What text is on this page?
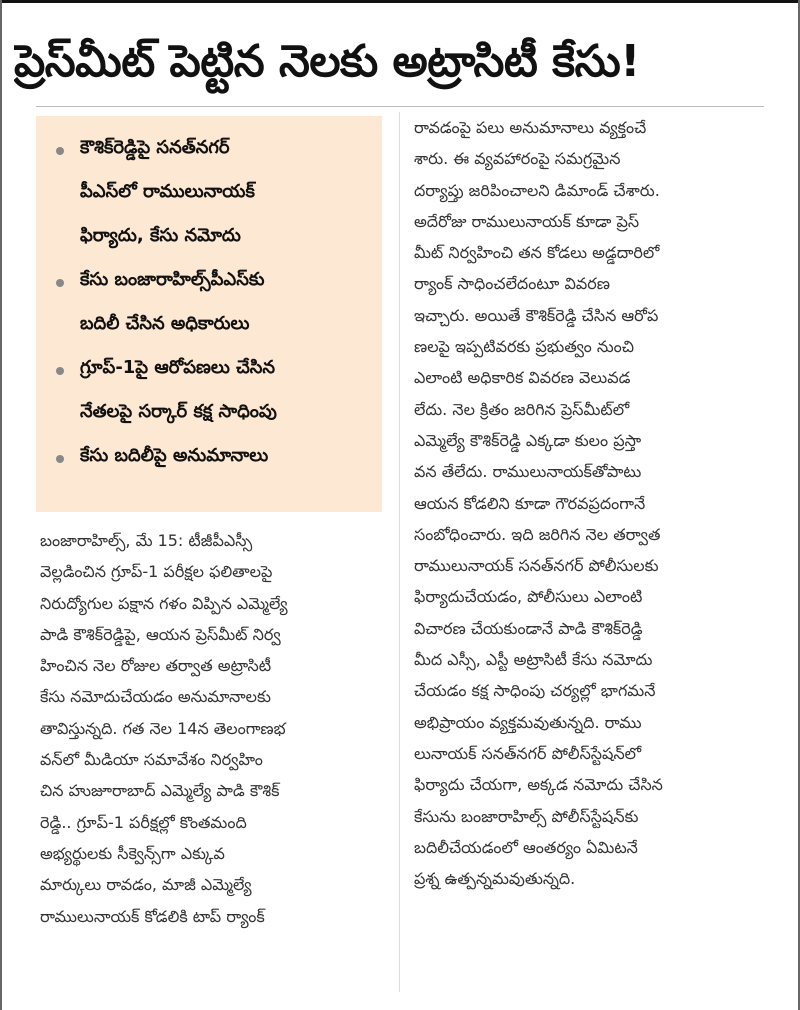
ప్రెస్‌మీట్ పెట్టిన నెలకు అట్రాసిటీ కేసు!
కౌశిక్‌రెడ్డిపై సనత్‌నగర్
పీఎస్‌లో రాములునాయక్
ఫిర్యాదు, కేసు నమోదు
కేసు బంజారాహిల్స్‌పీఎస్‌కు
బదిలీ చేసిన అధికారులు
గ్రూప్-1పై ఆరోపణలు చేసిన
నేతలపై సర్కార్ కక్ష సాధింపు
కేసు బదిలీపై అనుమానాలు
బంజారాహిల్స్, మే 15: టీజీపీఎస్సీ
వెల్లడించిన గ్రూప్-1 పరీక్షల ఫలితాలపై
నిరుద్యోగుల పక్షాన గళం విప్పిన ఎమ్మెల్యే
పాడి కౌశిక్‌రెడ్డిపై, ఆయన ప్రెస్‌మీట్ నిర్వ
హించిన నెల రోజుల తర్వాత అట్రాసిటీ
కేసు నమోదుచేయడం అనుమానాలకు
తావిస్తున్నది. గత నెల 14న తెలంగాణభ
వన్‌లో మీడియా సమావేశం నిర్వహిం
చిన హుజూరాబాద్ ఎమ్మెల్యే పాడి కౌశిక్
రెడ్డి.. గ్రూప్-1 పరీక్షల్లో కొంతమంది
అభ్యర్థులకు సీక్వెన్స్‌గా ఎక్కువ
మార్కులు రావడం, మాజీ ఎమ్మెల్యే
రాములునాయక్ కోడలికి టాప్ ర్యాంక్
రావడంపై పలు అనుమానాలు వ్యక్తంచే
శారు. ఈ వ్యవహారంపై సమగ్రమైన
దర్యాప్తు జరిపించాలని డిమాండ్ చేశారు.
అదేరోజు రాములునాయక్ కూడా ప్రెస్
మీట్ నిర్వహించి తన కోడలు అడ్డదారిలో
ర్యాంక్ సాధించలేదంటూ వివరణ
ఇచ్చారు. అయితే కౌశిక్‌రెడ్డి చేసిన ఆరోప
ణలపై ఇప్పటివరకు ప్రభుత్వం నుంచి
ఎలాంటి అధికారిక వివరణ వెలువడ
లేదు. నెల క్రితం జరిగిన ప్రెస్‌మీట్‌లో
ఎమ్మెల్యే కౌశిక్‌రెడ్డి ఎక్కడా కులం ప్రస్తా
వన తేలేదు. రాములునాయక్‌తోపాటు
ఆయన కోడలిని కూడా గౌరవప్రదంగానే
సంబోధించారు. ఇది జరిగిన నెల తర్వాత
రాములునాయక్ సనత్‌నగర్ పోలీసులకు
ఫిర్యాదుచేయడం, పోలీసులు ఎలాంటి
విచారణ చేయకుండానే పాడి కౌశిక్‌రెడ్డి
మీద ఎస్సీ, ఎస్టీ అట్రాసిటీ కేసు నమోదు
చేయడం కక్ష సాధింపు చర్యల్లో భాగమనే
అభిప్రాయం వ్యక్తమవుతున్నది. రాము
లునాయక్ సనత్‌నగర్ పోలీస్‌స్టేషన్‌లో
ఫిర్యాదు చేయగా, అక్కడ నమోదు చేసిన
కేసును బంజారాహిల్స్ పోలీస్‌స్టేషన్‌కు
బదిలీచేయడంలో ఆంతర్యం ఏమిటనే
ప్రశ్న ఉత్పన్నమవుతున్నది.
